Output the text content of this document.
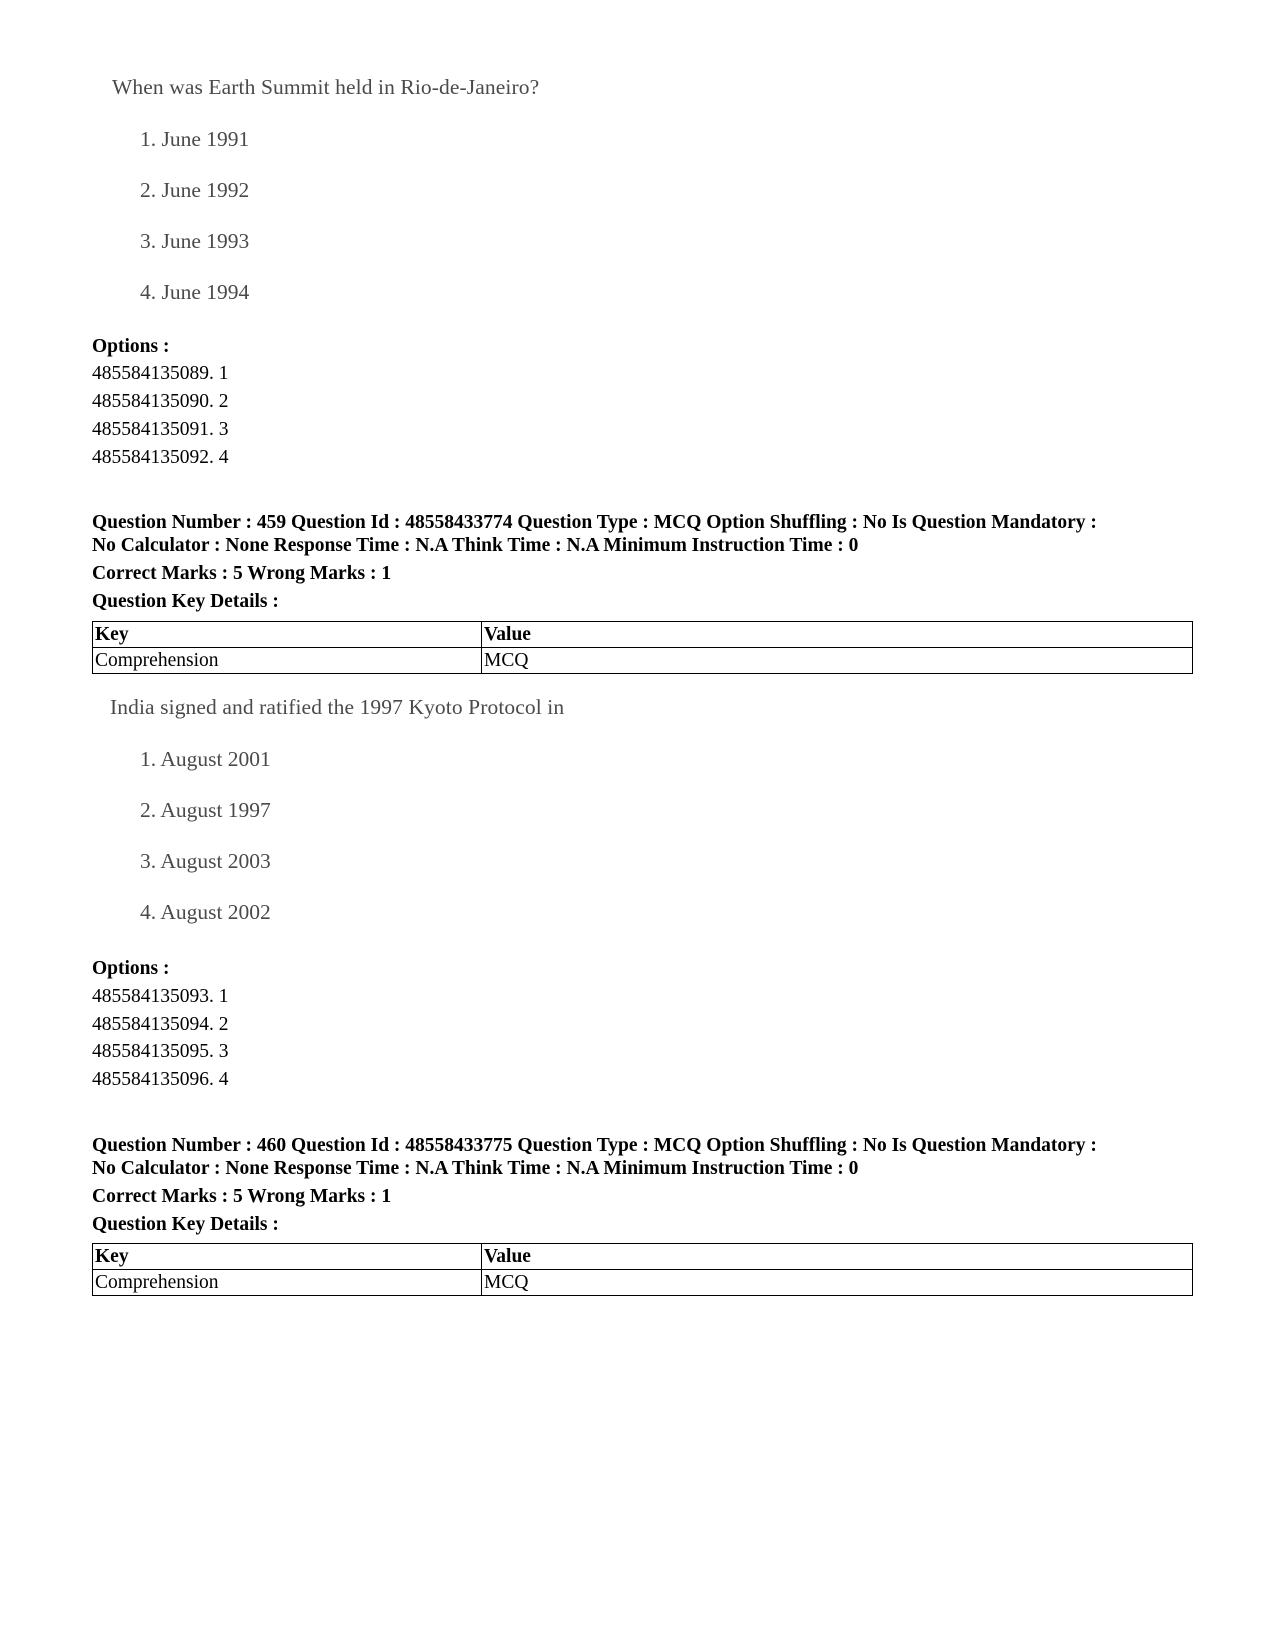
When was Earth Summit held in Rio-de-Janeiro?
1. June 1991
2. June 1992
3. June 1993
4. June 1994
Options :
485584135089. 1
485584135090. 2
485584135091. 3
485584135092. 4
Question Number : 459 Question Id : 48558433774 Question Type : MCQ Option Shuffling : No Is Question Mandatory :
No Calculator : None Response Time : N.A Think Time : N.A Minimum Instruction Time : 0
Correct Marks : 5 Wrong Marks : 1
Question Key Details :
Key	Value
Comprehension	MCQ
India signed and ratified the 1997 Kyoto Protocol in
1. August 2001
2. August 1997
3. August 2003
4. August 2002
Options :
485584135093. 1
485584135094. 2
485584135095. 3
485584135096. 4
Question Number : 460 Question Id : 48558433775 Question Type : MCQ Option Shuffling : No Is Question Mandatory :
No Calculator : None Response Time : N.A Think Time : N.A Minimum Instruction Time : 0
Correct Marks : 5 Wrong Marks : 1
Question Key Details :
Key	Value
Comprehension	MCQ
